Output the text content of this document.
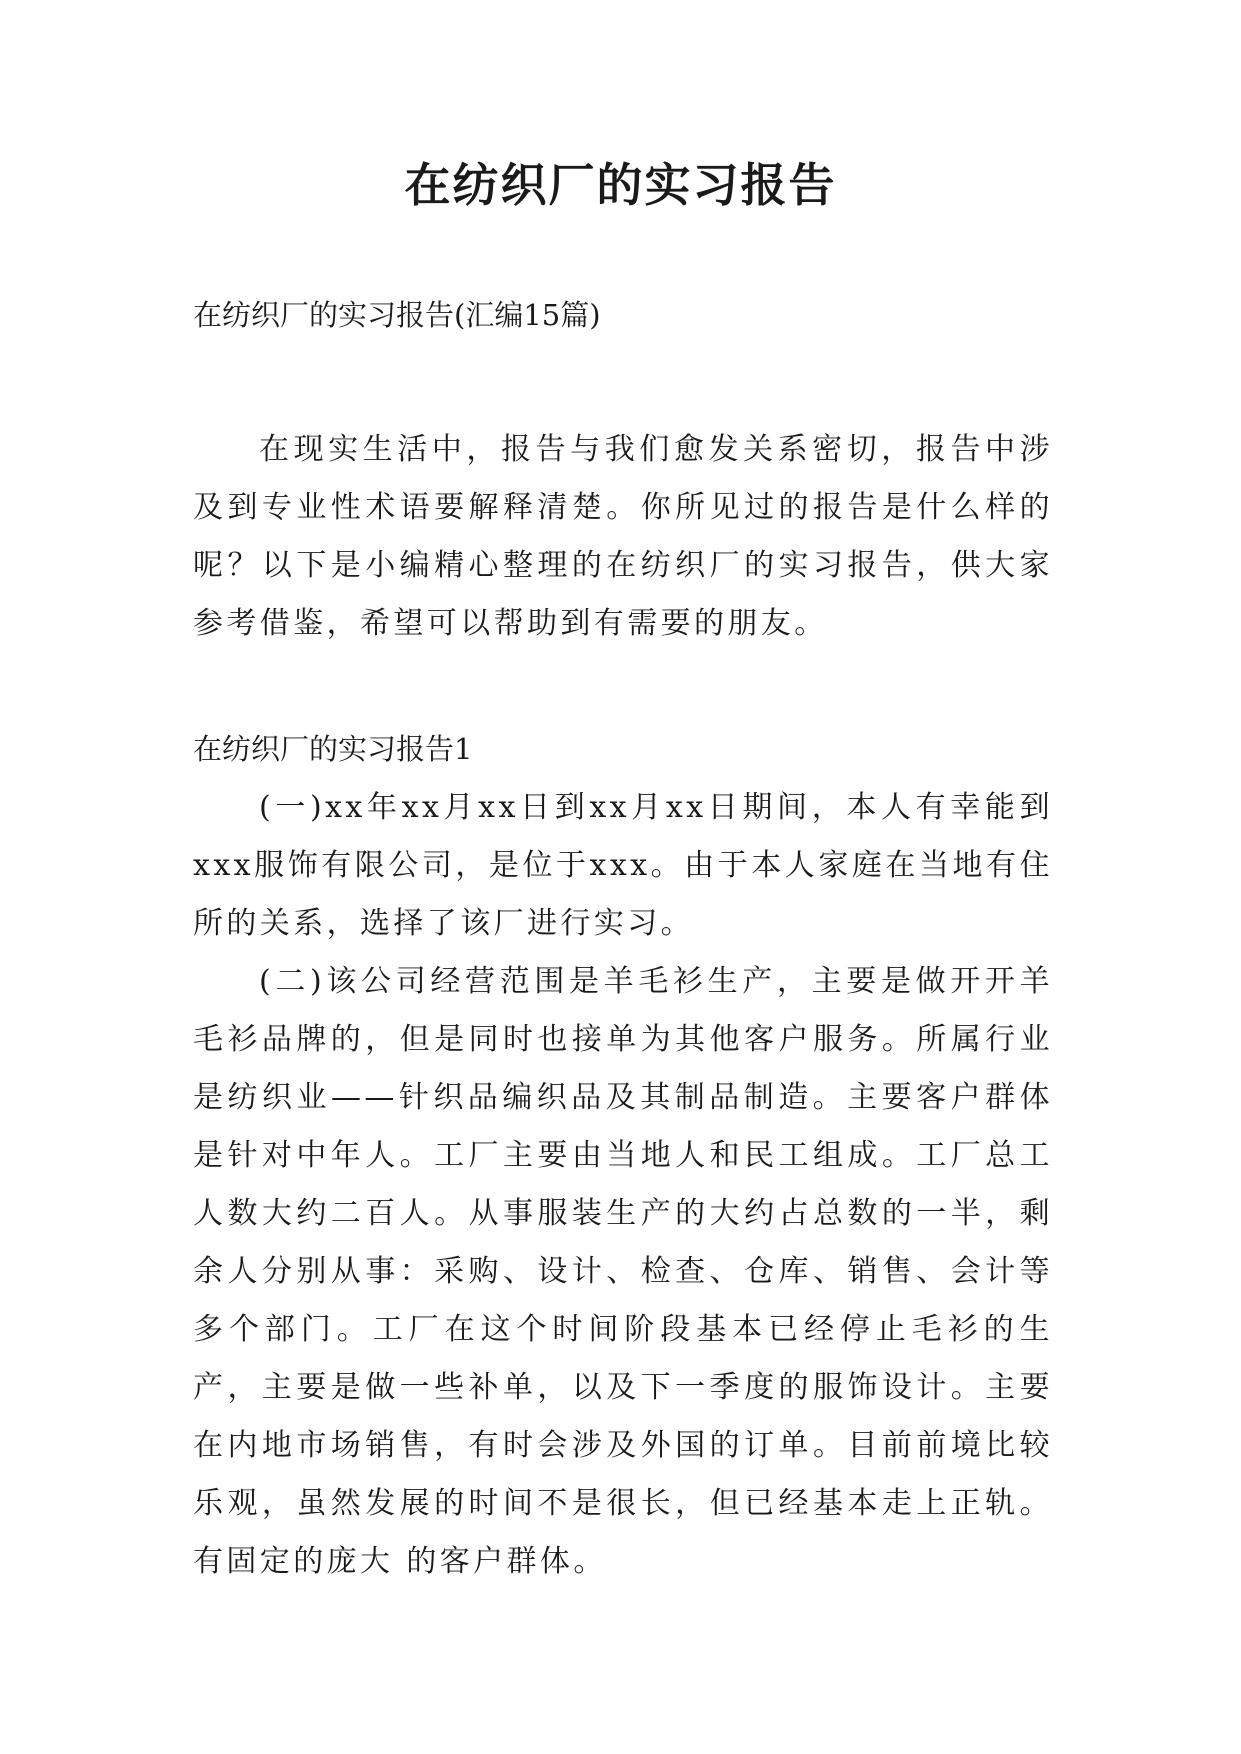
在纺织厂的实习报告

在纺织厂的实习报告(汇编15篇)

在现实生活中，报告与我们愈发关系密切，报告中涉及到专业性术语要解释清楚。你所见过的报告是什么样的呢？以下是小编精心整理的在纺织厂的实习报告，供大家参考借鉴，希望可以帮助到有需要的朋友。

在纺织厂的实习报告1

(一)xx年xx月xx日到xx月xx日期间，本人有幸能到xxx服饰有限公司，是位于xxx。由于本人家庭在当地有住所的关系，选择了该厂进行实习。

(二)该公司经营范围是羊毛衫生产，主要是做开开羊毛衫品牌的，但是同时也接单为其他客户服务。所属行业是纺织业——针织品编织品及其制品制造。主要客户群体是针对中年人。工厂主要由当地人和民工组成。工厂总工人数大约二百人。从事服装生产的大约占总数的一半，剩余人分别从事：采购、设计、检查、仓库、销售、会计等多个部门。工厂在这个时间阶段基本已经停止毛衫的生产，主要是做一些补单，以及下一季度的服饰设计。主要在内地市场销售，有时会涉及外国的订单。目前前境比较乐观，虽然发展的时间不是很长，但已经基本走上正轨。有固定的庞大 的客户群体。
